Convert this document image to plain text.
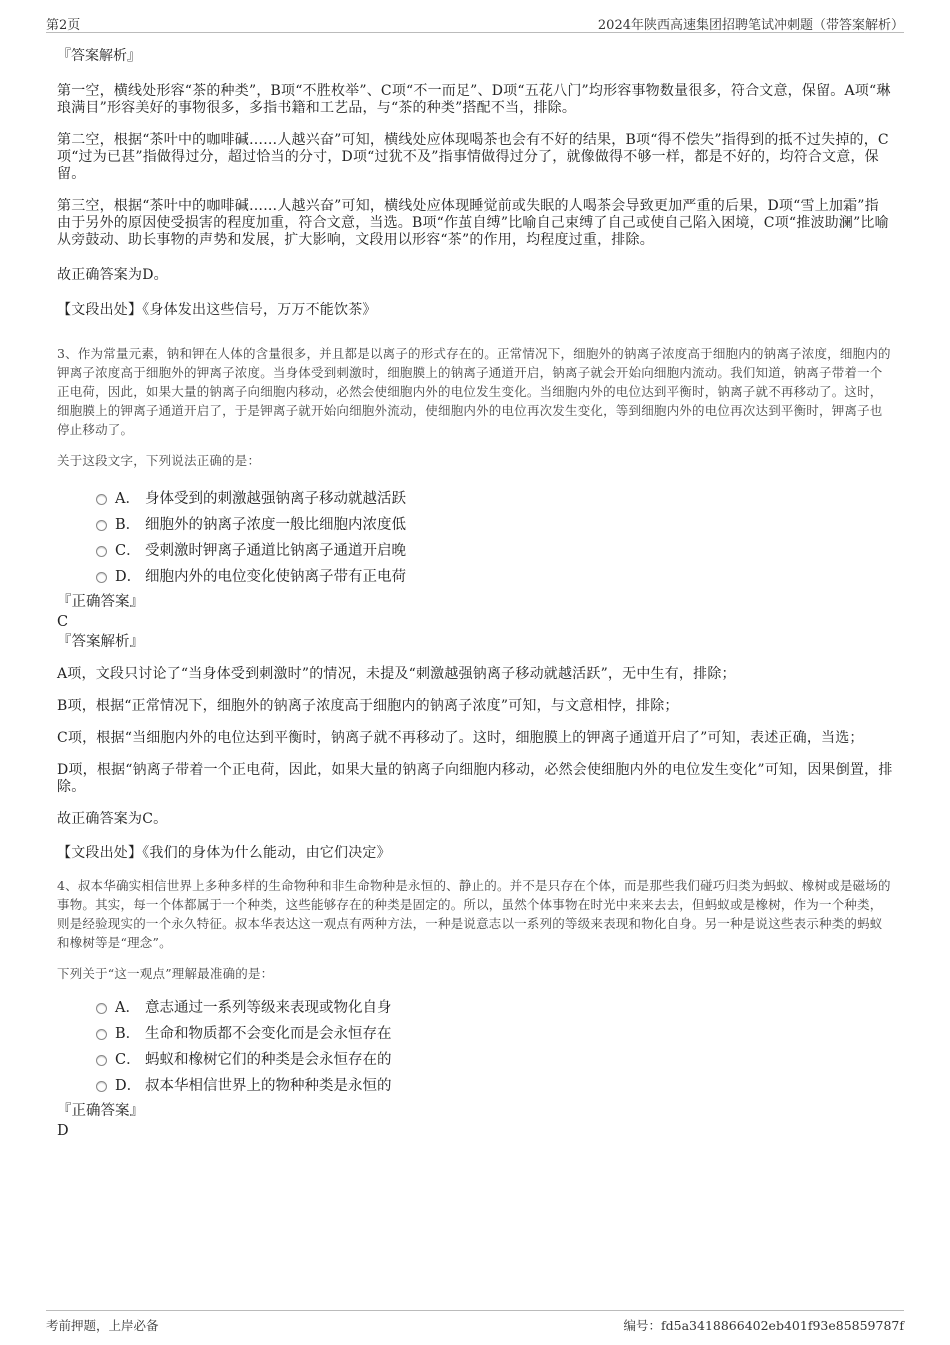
第2页	2024年陕西高速集团招聘笔试冲刺题（带答案解析）

『答案解析』

第一空，横线处形容“茶的种类”，B项“不胜枚举”、C项“不一而足”、D项“五花八门”均形容事物数量很多，符合文意，保留。A项“琳琅满目”形容美好的事物很多，多指书籍和工艺品，与“茶的种类”搭配不当，排除。

第二空，根据“茶叶中的咖啡碱……人越兴奋”可知，横线处应体现喝茶也会有不好的结果，B项“得不偿失”指得到的抵不过失掉的，C项“过为已甚”指做得过分，超过恰当的分寸，D项“过犹不及”指事情做得过分了，就像做得不够一样，都是不好的，均符合文意，保留。

第三空，根据“茶叶中的咖啡碱……人越兴奋”可知，横线处应体现睡觉前或失眠的人喝茶会导致更加严重的后果，D项“雪上加霜”指由于另外的原因使受损害的程度加重，符合文意，当选。B项“作茧自缚”比喻自己束缚了自己或使自己陷入困境，C项“推波助澜”比喻从旁鼓动、助长事物的声势和发展，扩大影响，文段用以形容“茶”的作用，均程度过重，排除。

故正确答案为D。

【文段出处】《身体发出这些信号，万万不能饮茶》

3、作为常量元素，钠和钾在人体的含量很多，并且都是以离子的形式存在的。正常情况下，细胞外的钠离子浓度高于细胞内的钠离子浓度，细胞内的钾离子浓度高于细胞外的钾离子浓度。当身体受到刺激时，细胞膜上的钠离子通道开启，钠离子就会开始向细胞内流动。我们知道，钠离子带着一个正电荷，因此，如果大量的钠离子向细胞内移动，必然会使细胞内外的电位发生变化。当细胞内外的电位达到平衡时，钠离子就不再移动了。这时，细胞膜上的钾离子通道开启了，于是钾离子就开始向细胞外流动，使细胞内外的电位再次发生变化，等到细胞内外的电位再次达到平衡时，钾离子也停止移动了。

关于这段文字，下列说法正确的是：

A． 身体受到的刺激越强钠离子移动就越活跃
B． 细胞外的钠离子浓度一般比细胞内浓度低
C． 受刺激时钾离子通道比钠离子通道开启晚
D． 细胞内外的电位变化使钠离子带有正电荷

『正确答案』

C

『答案解析』

A项，文段只讨论了“当身体受到刺激时”的情况，未提及“刺激越强钠离子移动就越活跃”，无中生有，排除；

B项，根据“正常情况下，细胞外的钠离子浓度高于细胞内的钠离子浓度”可知，与文意相悖，排除；

C项，根据“当细胞内外的电位达到平衡时，钠离子就不再移动了。这时，细胞膜上的钾离子通道开启了”可知，表述正确，当选；

D项，根据“钠离子带着一个正电荷，因此，如果大量的钠离子向细胞内移动，必然会使细胞内外的电位发生变化”可知，因果倒置，排除。

故正确答案为C。

【文段出处】《我们的身体为什么能动，由它们决定》

4、叔本华确实相信世界上多种多样的生命物种和非生命物种是永恒的、静止的。并不是只存在个体，而是那些我们碰巧归类为蚂蚁、橡树或是磁场的事物。其实，每一个体都属于一个种类，这些能够存在的种类是固定的。所以，虽然个体事物在时光中来来去去，但蚂蚁或是橡树，作为一个种类，则是经验现实的一个永久特征。叔本华表达这一观点有两种方法，一种是说意志以一系列的等级来表现和物化自身。另一种是说这些表示种类的蚂蚁和橡树等是“理念”。

下列关于“这一观点”理解最准确的是：

A． 意志通过一系列等级来表现或物化自身
B． 生命和物质都不会变化而是会永恒存在
C． 蚂蚁和橡树它们的种类是会永恒存在的
D． 叔本华相信世界上的物种种类是永恒的

『正确答案』

D

考前押题，上岸必备	编号：fd5a3418866402eb401f93e85859787f
